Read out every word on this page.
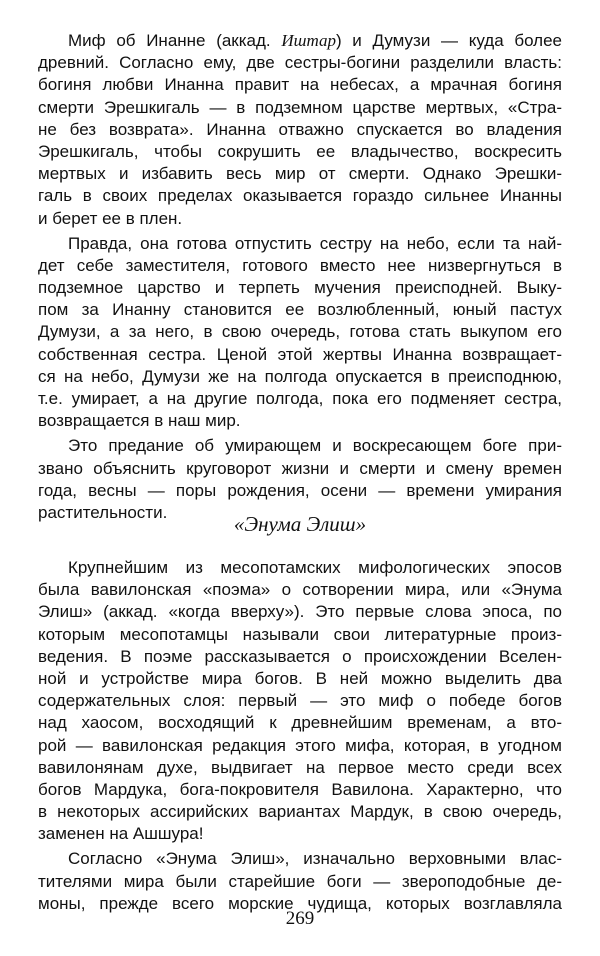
Миф об Инанне (аккад. Иштар) и Думузи — куда более
древний. Согласно ему, две сестры-богини разделили власть:
богиня любви Инанна правит на небесах, а мрачная богиня
смерти Эрешкигаль — в подземном царстве мертвых, «Стра-
не без возврата». Инанна отважно спускается во владения
Эрешкигаль, чтобы сокрушить ее владычество, воскресить
мертвых и избавить весь мир от смерти. Однако Эрешки-
галь в своих пределах оказывается гораздо сильнее Инанны
и берет ее в плен.
Правда, она готова отпустить сестру на небо, если та най-
дет себе заместителя, готового вместо нее низвергнуться в
подземное царство и терпеть мучения преисподней. Выку-
пом за Инанну становится ее возлюбленный, юный пастух
Думузи, а за него, в свою очередь, готова стать выкупом его
собственная сестра. Ценой этой жертвы Инанна возвращает-
ся на небо, Думузи же на полгода опускается в преисподнюю,
т.е. умирает, а на другие полгода, пока его подменяет сестра,
возвращается в наш мир.
Это предание об умирающем и воскресающем боге при-
звано объяснить круговорот жизни и смерти и смену времен
года, весны — поры рождения, осени — времени умирания
растительности.	«Энума Элиш»
Крупнейшим из месопотамских мифологических эпосов
была вавилонская «поэма» о сотворении мира, или «Энума
Элиш» (аккад. «когда вверху»). Это первые слова эпоса, по
которым месопотамцы называли свои литературные произ-
ведения. В поэме рассказывается о происхождении Вселен-
ной и устройстве мира богов. В ней можно выделить два
содержательных слоя: первый — это миф о победе богов
над хаосом, восходящий к древнейшим временам, а вто-
рой — вавилонская редакция этого мифа, которая, в угодном
вавилонянам духе, выдвигает на первое место среди всех
богов Мардука, бога-покровителя Вавилона. Характерно, что
в некоторых ассирийских вариантах Мардук, в свою очередь,
заменен на Ашшура!
Согласно «Энума Элиш», изначально верховными влас-
тителями мира были старейшие боги — звероподобные де-
моны, прежде всего морские чудища, которых возглавляла
269
